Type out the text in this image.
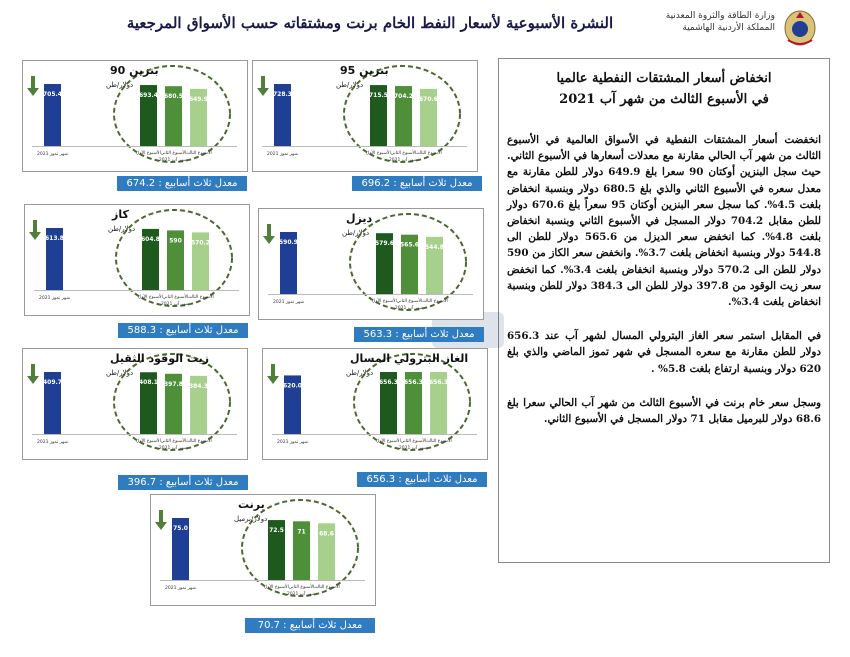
النشرة الأسبوعية لأسعار النفط الخام برنت ومشتقاته حسب الأسواق المرجعية	وزارة الطاقة والثروة المعدنية
المملكة الأردنية الهاشمية
انخفاض أسعار المشتقات النفطية عالميا
في الأسبوع الثالث من شهر آب 2021
انخفضت أسعار المشتقات النفطية في الأسواق العالمية في الأسبوع الثالث من شهر آب الحالي مقارنة مع معدلات أسعارها في الأسبوع الثاني. حيث سجل البنزين أوكتان 90 سعرا بلغ 649.9 دولار للطن مقارنة مع معدل سعره في الأسبوع الثاني والذي بلغ 680.5 دولار وبنسبة انخفاض بلغت 4.5%. كما سجل سعر البنزين أوكتان 95 سعراً بلغ 670.6 دولار للطن مقابل 704.2 دولار المسجل في الأسبوع الثاني وبنسبة انخفاض بلغت 4.8%. كما انخفض سعر الديزل من 565.6 دولار للطن الى 544.8 دولار وبنسبة انخفاض بلغت 3.7%. وانخفض سعر الكاز من 590 دولار للطن الى 570.2 دولار وبنسبة انخفاض بلغت 3.4%. كما انخفض سعر زيت الوقود من 397.8 دولار للطن الى 384.3 دولار للطن وبنسبة انخفاض بلغت 3.4%.
في المقابل استمر سعر الغاز البترولي المسال لشهر آب عند 656.3 دولار للطن مقارنة مع سعره المسجل في شهر تموز الماضي والذي بلغ 620 دولار وبنسبة ارتفاع بلغت 5.8% .
وسجل سعر خام برنت في الأسبوع الثالث من شهر آب الحالي سعرا بلغ 68.6 دولار للبرميل مقابل 71 دولار المسجل في الأسبوع الثاني.
بنزين 90
دولار/طن
705.4	693.4 680.5 649.9
شهر تموز 2021	الأسبوع الأول الأسبوع الثاني
الأسبوع الثالث
شهر آب 2021
بنزين 95
دولار/طن
728.3	715.5 704.2 670.6
شهر تموز 2021	الأسبوع الأول الأسبوع الثاني
الأسبوع الثالث
شهر آب 2021
كاز
دولار/طن
613.8	604.8 590 570.2
شهر تموز 2021	الأسبوع الأول الأسبوع الثاني
الأسبوع الثالث
شهر آب 2021
ديزل
دولار/طن
590.9	579.6 565.6 544.8
شهر تموز 2021	الأسبوع الأول الأسبوع الثاني
الأسبوع الثالث
شهر آب 2021
زيت الوقود الثقيل
دولار/طن
409.7	408.1 397.8 384.3
شهر تموز 2021	الأسبوع الأول الأسبوع الثاني
الأسبوع الثالث
شهر آب 2021
الغاز البترولي المسال
دولار/طن
620.0	656.3 656.3 656.3
شهر تموز 2021	الأسبوع الأول الأسبوع الثاني
الأسبوع الثالث
شهر آب 2021
برنت
دولار/برميل
75.0	72.5 71 68.6
شهر تموز 2021	الأسبوع الأول الأسبوع الثاني
الأسبوع الثالث
شهر آب 2021
معدل ثلاث أسابيع : 674.2	معدل ثلاث أسابيع : 696.2
معدل ثلاث أسابيع : 588.3	معدل ثلاث أسابيع : 563.3
معدل ثلاث أسابيع : 396.7	معدل ثلاث أسابيع : 656.3
معدل ثلاث أسابيع : 70.7
